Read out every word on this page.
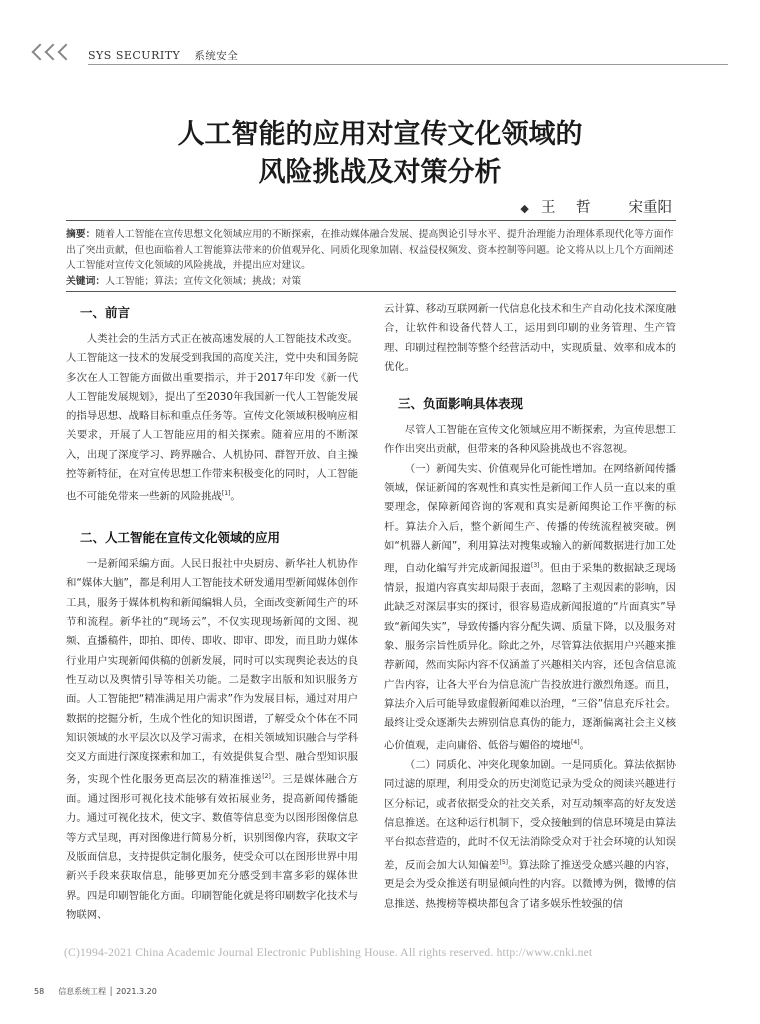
SYS SECURITY 系统安全
人工智能的应用对宣传文化领域的
风险挑战及对策分析
◆ 王 哲 宋重阳
摘要：随着人工智能在宣传思想文化领域应用的不断探索，在推动媒体融合发展、提高舆论引导水平、提升治理能力治理体系现代化等方面作出了突出贡献，但也面临着人工智能算法带来的价值观异化、同质化现象加剧、权益侵权频发、资本控制等问题。论文将从以上几个方面阐述人工智能对宣传文化领域的风险挑战，并提出应对建议。
关键词：人工智能；算法；宣传文化领域；挑战；对策
一、前言

人类社会的生活方式正在被高速发展的人工智能技术改变。人工智能这一技术的发展受到我国的高度关注，党中央和国务院多次在人工智能方面做出重要指示，并于2017年印发《新一代人工智能发展规划》，提出了至2030年我国新一代人工智能发展的指导思想、战略目标和重点任务等。宣传文化领域积极响应相关要求，开展了人工智能应用的相关探索。随着应用的不断深入，出现了深度学习、跨界融合、人机协同、群智开放、自主操控等新特征，在对宣传思想工作带来积极变化的同时，人工智能也不可能免带来一些新的风险挑战[1]。

二、人工智能在宣传文化领域的应用

一是新闻采编方面。人民日报社中央厨房、新华社人机协作和“媒体大脑”，都是利用人工智能技术研发通用型新闻媒体创作工具，服务于媒体机构和新闻编辑人员，全面改变新闻生产的环节和流程。新华社的“现场云”，不仅实现现场新闻的文图、视频、直播稿件，即拍、即传、即收、即审、即发，而且助力媒体行业用户实现新闻供稿的创新发展，同时可以实现舆论表达的良性互动以及舆情引导等相关功能。二是数字出版和知识服务方面。人工智能把“精准满足用户需求”作为发展目标，通过对用户数据的挖掘分析，生成个性化的知识图谱，了解受众个体在不同知识领域的水平层次以及学习需求，在相关领域知识融合与学科交叉方面进行深度探索和加工，有效提供复合型、融合型知识服务，实现个性化服务更高层次的精准推送[2]。三是媒体融合方面。通过图形可视化技术能够有效拓展业务，提高新闻传播能力。通过可视化技术，使文字、数值等信息变为以图形图像信息等方式呈现，再对图像进行简易分析，识别图像内容，获取文字及版面信息，支持提供定制化服务，使受众可以在图形世界中用新兴手段来获取信息，能够更加充分感受到丰富多彩的媒体世界。四是印刷智能化方面。印刷智能化就是将印刷数字化技术与物联网、

云计算、移动互联网新一代信息化技术和生产自动化技术深度融合，让软件和设备代替人工，运用到印刷的业务管理、生产管理、印刷过程控制等整个经营活动中，实现质量、效率和成本的优化。

三、负面影响具体表现

尽管人工智能在宣传文化领域应用不断探索，为宣传思想工作作出突出贡献，但带来的各种风险挑战也不容忽视。

（一）新闻失实、价值观异化可能性增加。在网络新闻传播领域，保证新闻的客观性和真实性是新闻工作人员一直以来的重要理念，保障新闻咨询的客观和真实是新闻舆论工作平衡的标杆。算法介入后，整个新闻生产、传播的传统流程被突破。例如“机器人新闻”，利用算法对搜集或输入的新闻数据进行加工处理，自动化编写并完成新闻报道[3]。但由于采集的数据缺乏现场情景，报道内容真实却局限于表面，忽略了主观因素的影响，因此缺乏对深层事实的探讨，很容易造成新闻报道的“片面真实”导致“新闻失实”，导致传播内容分配失调、质量下降，以及服务对象、服务宗旨性质异化。除此之外，尽管算法依据用户兴趣来推荐新闻，然而实际内容不仅涵盖了兴趣相关内容，还包含信息流广告内容，让各大平台为信息流广告投放进行激烈角逐。而且，算法介入后可能导致虚假新闻难以治理，“三俗”信息充斥社会。最终让受众逐渐失去辨别信息真伪的能力，逐渐偏离社会主义核心价值观，走向庸俗、低俗与媚俗的境地[4]。

（二）同质化、冲突化现象加剧。一是同质化。算法依据协同过滤的原理，利用受众的历史浏览记录为受众的阅读兴趣进行区分标记，或者依据受众的社交关系，对互动频率高的好友发送信息推送。在这种运行机制下，受众接触到的信息环境是由算法平台拟态营造的，此时不仅无法消除受众对于社会环境的认知误差，反而会加大认知偏差[5]。算法除了推送受众感兴趣的内容，更是会为受众推送有明显倾向性的内容。以微博为例，微博的信息推送、热搜榜等模块都包含了诸多娱乐性较强的信

(C)1994-2021 China Academic Journal Electronic Publishing House. All rights reserved. http://www.cnki.net
58 信息系统工程 │ 2021.3.20
